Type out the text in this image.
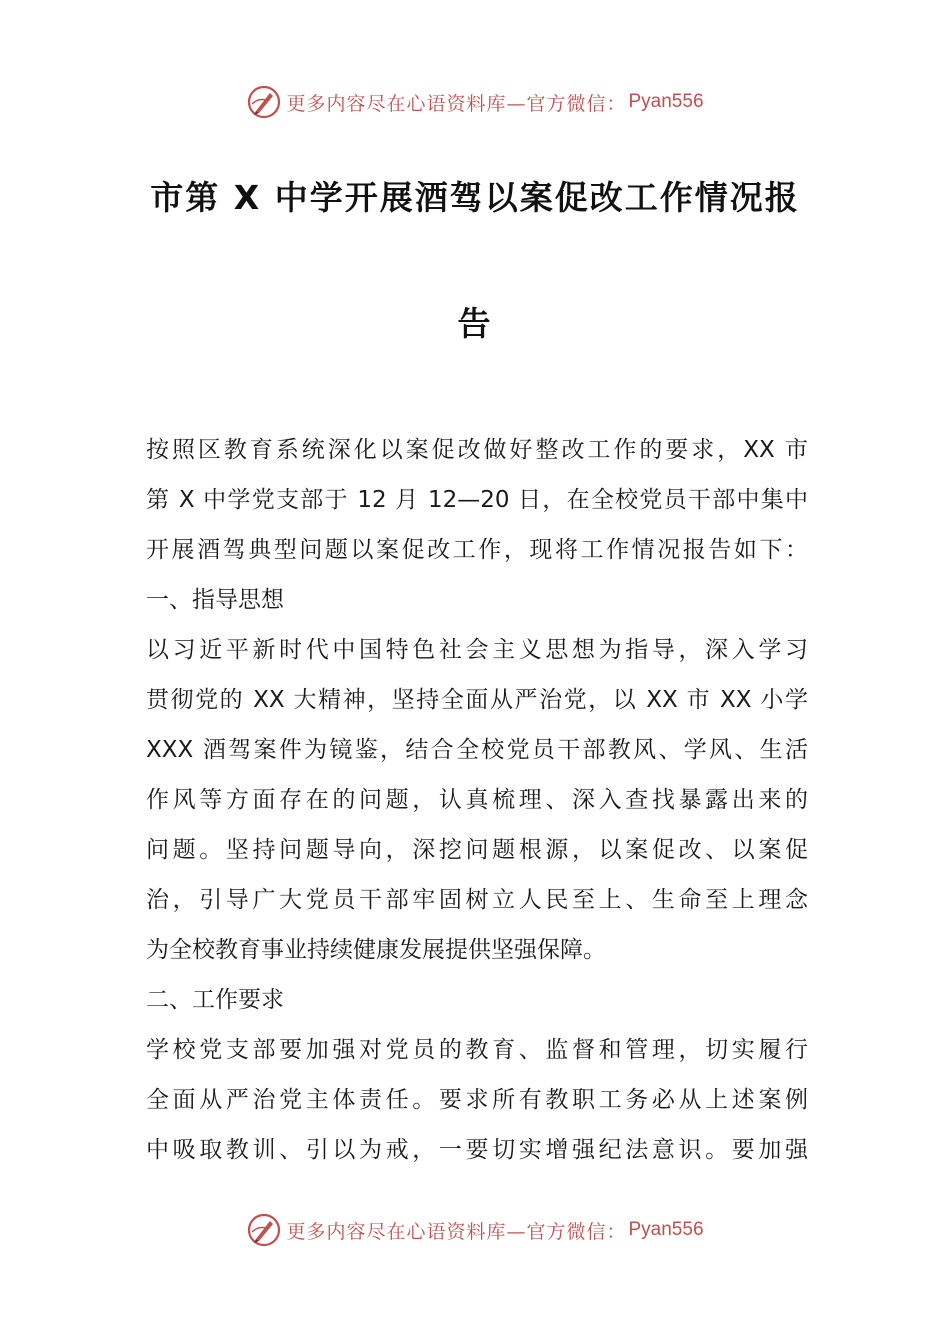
更多内容尽在心语资料库—官方微信： Pyan556
市第 X 中学开展酒驾以案促改工作情况报
告
按照区教育系统深化以案促改做好整改工作的要求，XX 市
第 X 中学党支部于 12 月 12—20 日，在全校党员干部中集中
开展酒驾典型问题以案促改工作，现将工作情况报告如下：
一、指导思想
以习近平新时代中国特色社会主义思想为指导，深入学习
贯彻党的 XX 大精神，坚持全面从严治党，以 XX 市 XX 小学
XXX 酒驾案件为镜鉴，结合全校党员干部教风、学风、生活
作风等方面存在的问题，认真梳理、深入查找暴露出来的
问题。坚持问题导向，深挖问题根源，以案促改、以案促
治，引导广大党员干部牢固树立人民至上、生命至上理念
为全校教育事业持续健康发展提供坚强保障。
二、工作要求
学校党支部要加强对党员的教育、监督和管理，切实履行
全面从严治党主体责任。要求所有教职工务必从上述案例
中吸取教训、引以为戒，一要切实增强纪法意识。要加强
更多内容尽在心语资料库—官方微信： Pyan556
